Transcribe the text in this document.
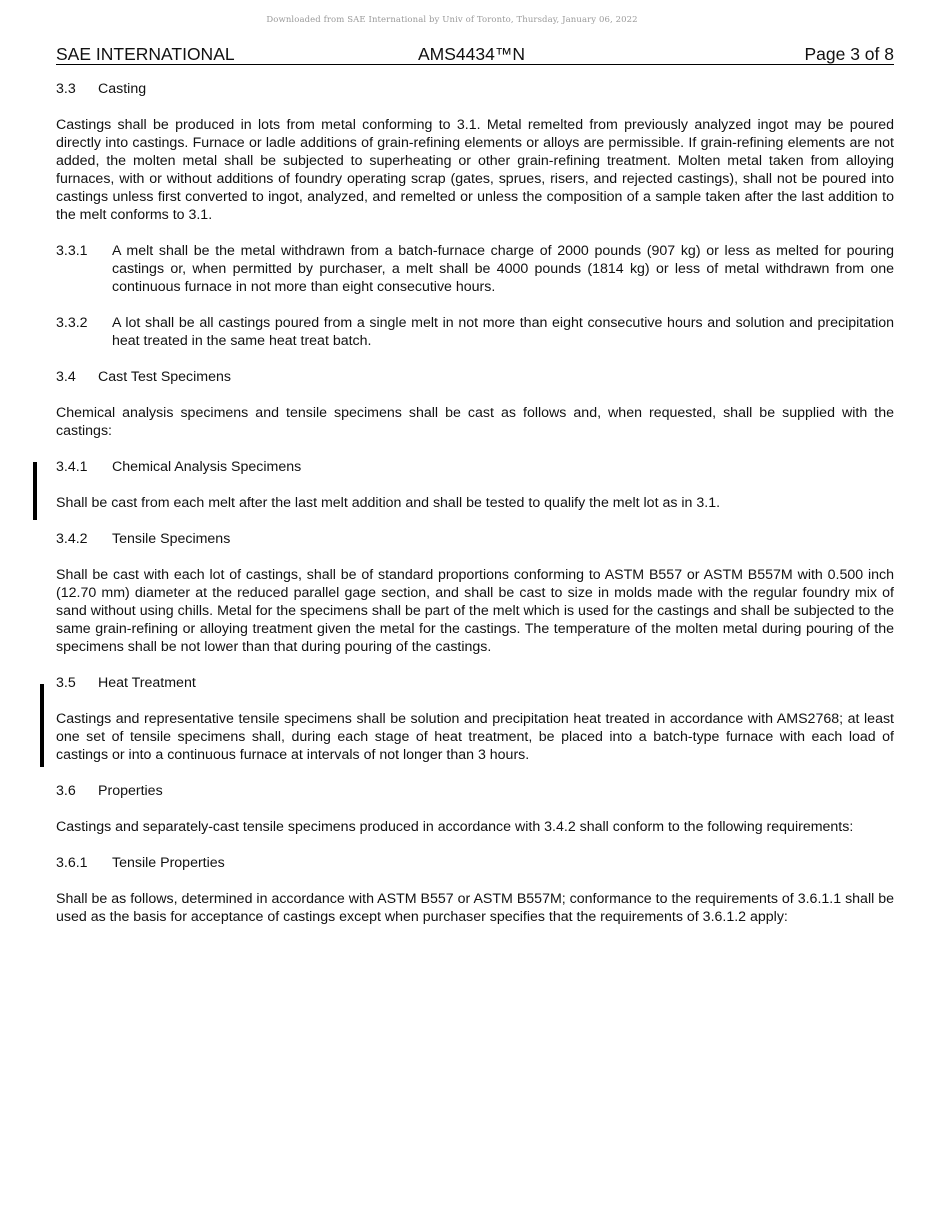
Downloaded from SAE International by Univ of Toronto, Thursday, January 06, 2022
SAE INTERNATIONAL	AMS4434™N	Page 3 of 8
3.3	Casting

Castings shall be produced in lots from metal conforming to 3.1. Metal remelted from previously analyzed ingot may be poured directly into castings. Furnace or ladle additions of grain-refining elements or alloys are permissible. If grain-refining elements are not added, the molten metal shall be subjected to superheating or other grain-refining treatment. Molten metal taken from alloying furnaces, with or without additions of foundry operating scrap (gates, sprues, risers, and rejected castings), shall not be poured into castings unless first converted to ingot, analyzed, and remelted or unless the composition of a sample taken after the last addition to the melt conforms to 3.1.

3.3.1	A melt shall be the metal withdrawn from a batch-furnace charge of 2000 pounds (907 kg) or less as melted for pouring castings or, when permitted by purchaser, a melt shall be 4000 pounds (1814 kg) or less of metal withdrawn from one continuous furnace in not more than eight consecutive hours.
3.3.2	A lot shall be all castings poured from a single melt in not more than eight consecutive hours and solution and precipitation heat treated in the same heat treat batch.
3.4	Cast Test Specimens

Chemical analysis specimens and tensile specimens shall be cast as follows and, when requested, shall be supplied with the castings:

3.4.1	Chemical Analysis Specimens

Shall be cast from each melt after the last melt addition and shall be tested to qualify the melt lot as in 3.1.

3.4.2	Tensile Specimens

Shall be cast with each lot of castings, shall be of standard proportions conforming to ASTM B557 or ASTM B557M with 0.500 inch (12.70 mm) diameter at the reduced parallel gage section, and shall be cast to size in molds made with the regular foundry mix of sand without using chills. Metal for the specimens shall be part of the melt which is used for the castings and shall be subjected to the same grain-refining or alloying treatment given the metal for the castings. The temperature of the molten metal during pouring of the specimens shall be not lower than that during pouring of the castings.

3.5	Heat Treatment

Castings and representative tensile specimens shall be solution and precipitation heat treated in accordance with AMS2768; at least one set of tensile specimens shall, during each stage of heat treatment, be placed into a batch-type furnace with each load of castings or into a continuous furnace at intervals of not longer than 3 hours.

3.6	Properties

Castings and separately-cast tensile specimens produced in accordance with 3.4.2 shall conform to the following requirements:

3.6.1	Tensile Properties

Shall be as follows, determined in accordance with ASTM B557 or ASTM B557M; conformance to the requirements of 3.6.1.1 shall be used as the basis for acceptance of castings except when purchaser specifies that the requirements of 3.6.1.2 apply:
